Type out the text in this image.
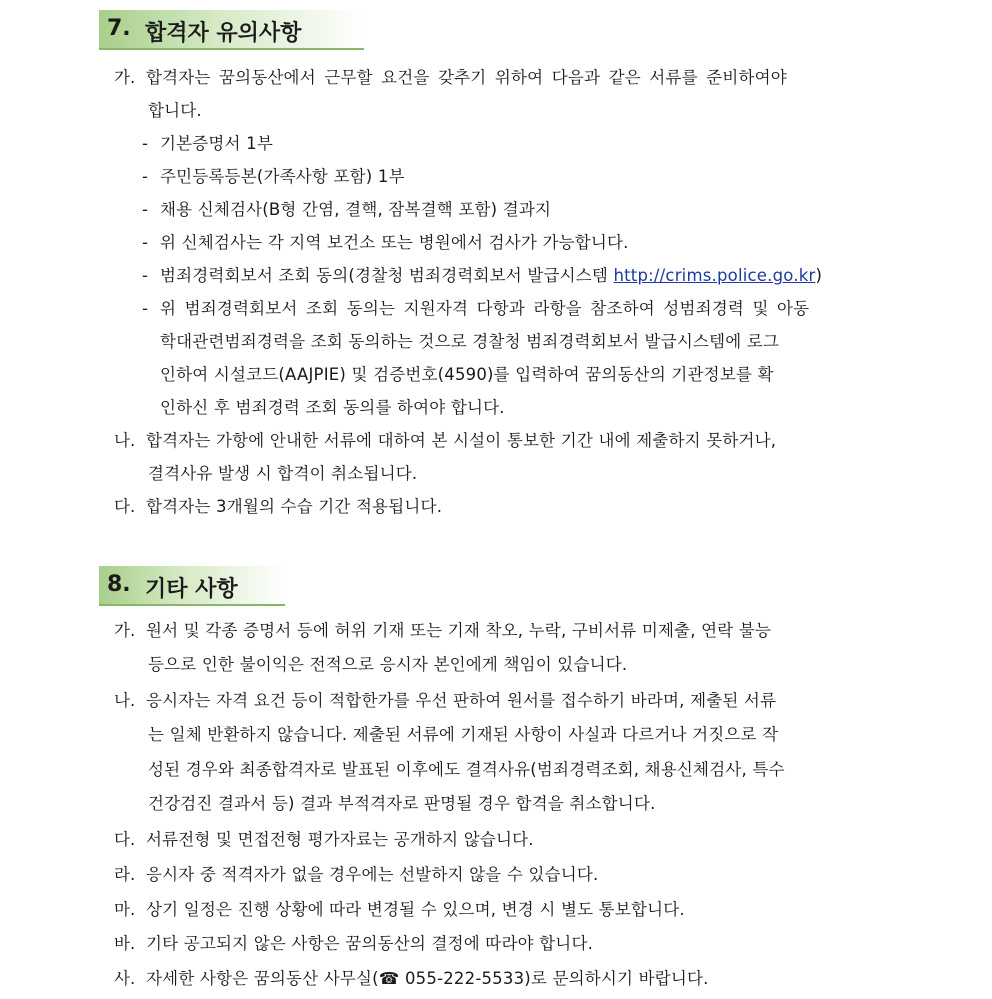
7. 합격자 유의사항
가. 합격자는 꿈의동산에서 근무할 요건을 갖추기 위하여 다음과 같은 서류를 준비하여야
합니다.
- 기본증명서 1부
- 주민등록등본(가족사항 포함) 1부
- 채용 신체검사(B형 간염, 결핵, 잠복결핵 포함) 결과지
- 위 신체검사는 각 지역 보건소 또는 병원에서 검사가 가능합니다.
- 범죄경력회보서 조회 동의(경찰청 범죄경력회보서 발급시스템 http://crims.police.go.kr)
- 위 범죄경력회보서 조회 동의는 지원자격 다항과 라항을 참조하여 성범죄경력 및 아동
학대관련범죄경력을 조회 동의하는 것으로 경찰청 범죄경력회보서 발급시스템에 로그
인하여 시설코드(AAJPIE) 및 검증번호(4590)를 입력하여 꿈의동산의 기관정보를 확
인하신 후 범죄경력 조회 동의를 하여야 합니다.
나. 합격자는 가항에 안내한 서류에 대하여 본 시설이 통보한 기간 내에 제출하지 못하거나,
결격사유 발생 시 합격이 취소됩니다.
다. 합격자는 3개월의 수습 기간 적용됩니다.
8. 기타 사항
가. 원서 및 각종 증명서 등에 허위 기재 또는 기재 착오, 누락, 구비서류 미제출, 연락 불능
등으로 인한 불이익은 전적으로 응시자 본인에게 책임이 있습니다.
나. 응시자는 자격 요건 등이 적합한가를 우선 판하여 원서를 접수하기 바라며, 제출된 서류
는 일체 반환하지 않습니다. 제출된 서류에 기재된 사항이 사실과 다르거나 거짓으로 작
성된 경우와 최종합격자로 발표된 이후에도 결격사유(범죄경력조회, 채용신체검사, 특수
건강검진 결과서 등) 결과 부적격자로 판명될 경우 합격을 취소합니다.
다. 서류전형 및 면접전형 평가자료는 공개하지 않습니다.
라. 응시자 중 적격자가 없을 경우에는 선발하지 않을 수 있습니다.
마. 상기 일정은 진행 상황에 따라 변경될 수 있으며, 변경 시 별도 통보합니다.
바. 기타 공고되지 않은 사항은 꿈의동산의 결정에 따라야 합니다.
사. 자세한 사항은 꿈의동산 사무실(☎ 055-222-5533)로 문의하시기 바랍니다.
